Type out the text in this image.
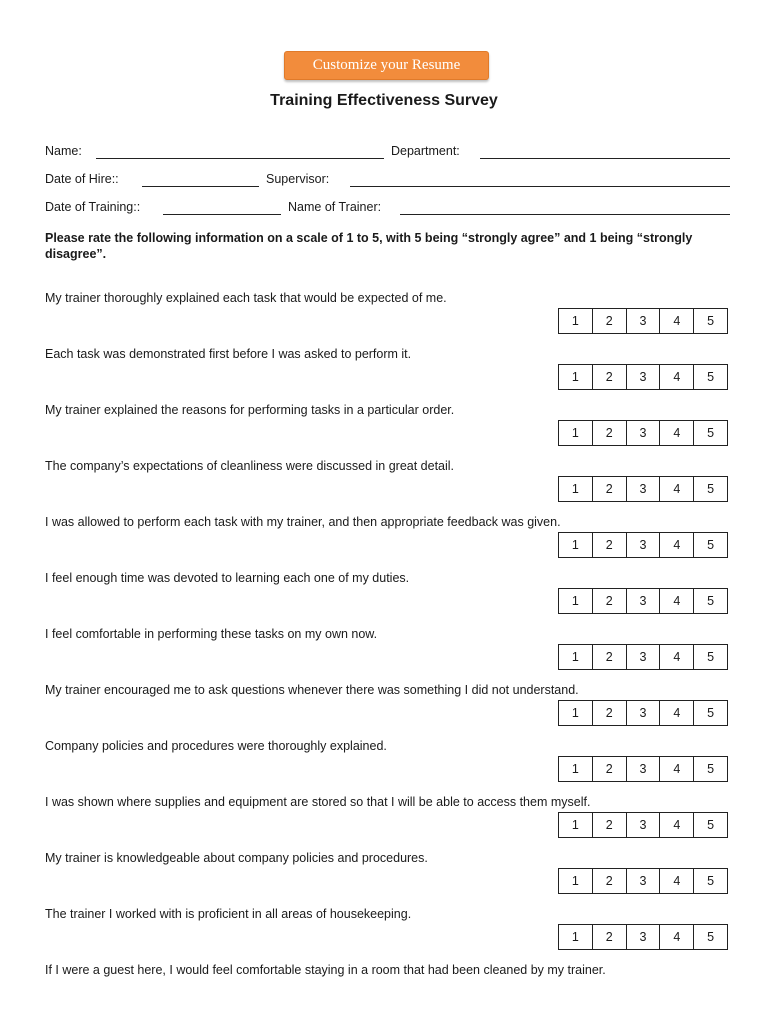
Customize your Resume
Training Effectiveness Survey
Name:	Department:
Date of Hire::	Supervisor:
Date of Training::	Name of Trainer:
Please rate the following information on a scale of 1 to 5, with 5 being “strongly agree” and 1 being “strongly disagree”.
My trainer thoroughly explained each task that would be expected of me.
1	2	3	4	5
Each task was demonstrated first before I was asked to perform it.
1	2	3	4	5
My trainer explained the reasons for performing tasks in a particular order.
1	2	3	4	5
The company’s expectations of cleanliness were discussed in great detail.
1	2	3	4	5
I was allowed to perform each task with my trainer, and then appropriate feedback was given.
1	2	3	4	5
I feel enough time was devoted to learning each one of my duties.
1	2	3	4	5
I feel comfortable in performing these tasks on my own now.
1	2	3	4	5
My trainer encouraged me to ask questions whenever there was something I did not understand.
1	2	3	4	5
Company policies and procedures were thoroughly explained.
1	2	3	4	5
I was shown where supplies and equipment are stored so that I will be able to access them myself.
1	2	3	4	5
My trainer is knowledgeable about company policies and procedures.
1	2	3	4	5
The trainer I worked with is proficient in all areas of housekeeping.
1	2	3	4	5
If I were a guest here, I would feel comfortable staying in a room that had been cleaned by my trainer.
